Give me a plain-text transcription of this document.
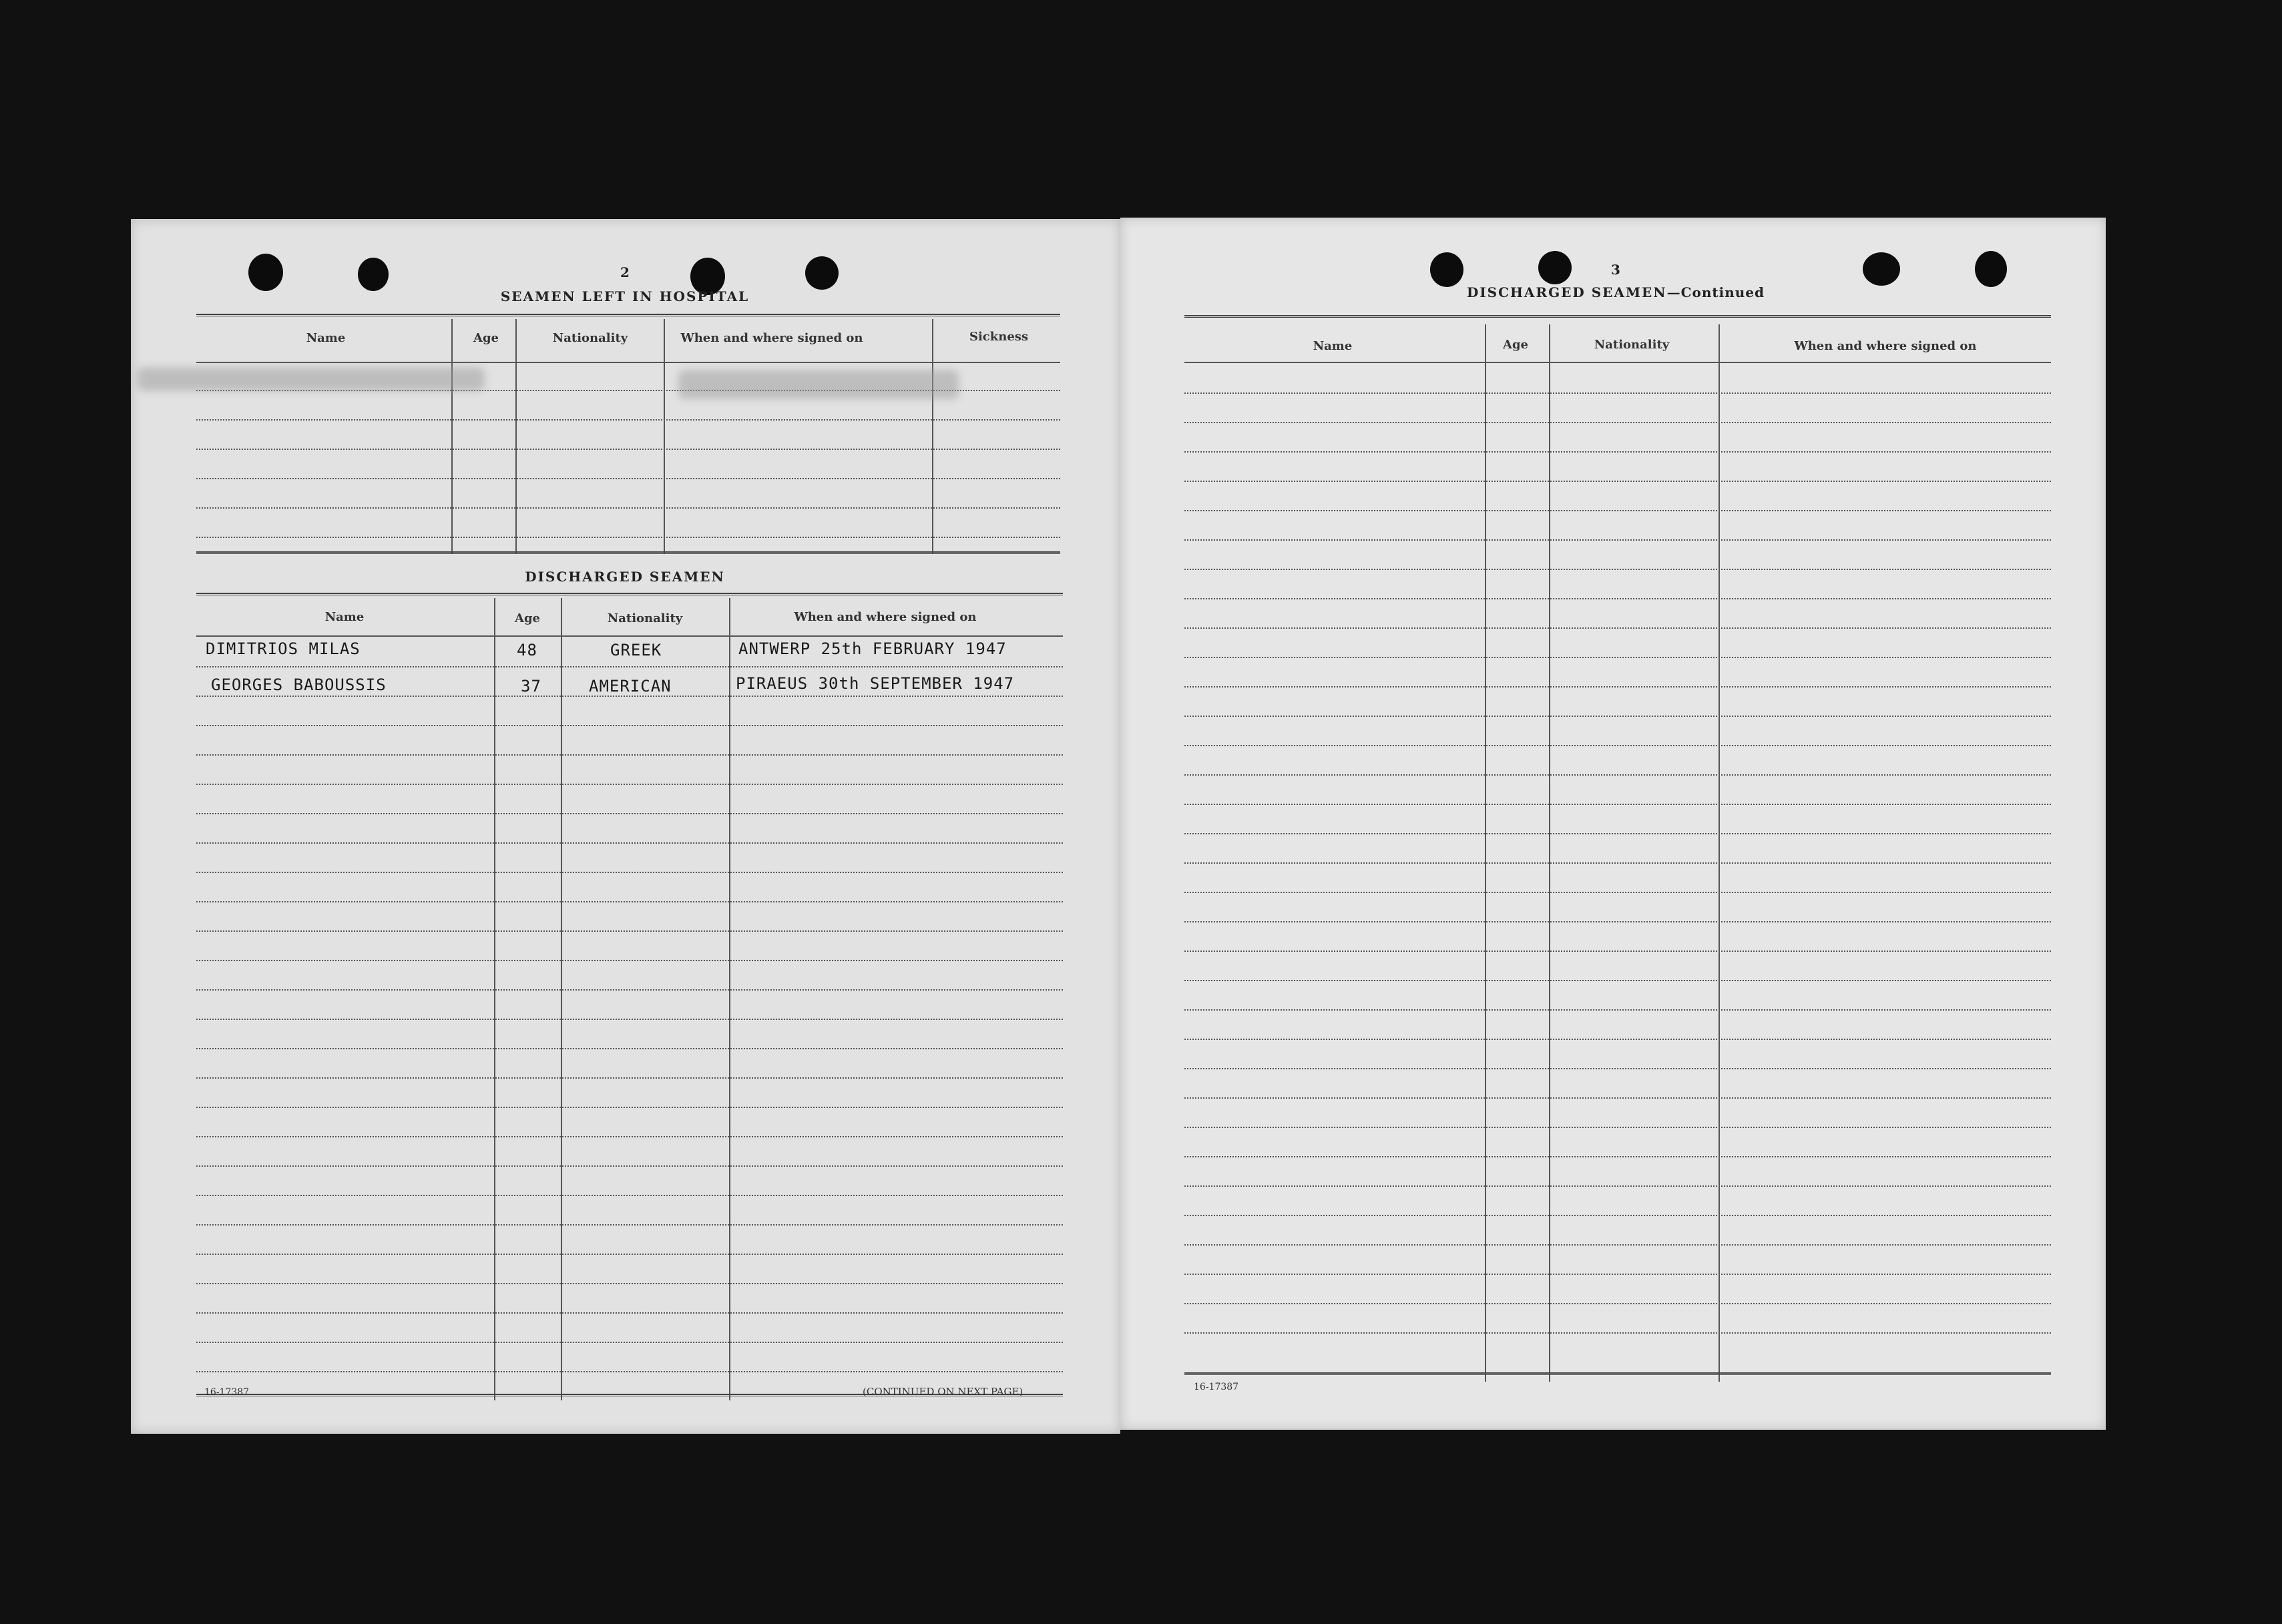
2
SEAMEN LEFT IN HOSPITAL
Name	Age	Nationality	When and where signed on	Sickness
DISCHARGED SEAMEN
Name	Age	Nationality	When and where signed on
DIMITRIOS MILAS	48	GREEK	ANTWERP 25th FEBRUARY 1947
GEORGES BABOUSSIS	37	AMERICAN	PIRAEUS 30th SEPTEMBER 1947
16-17387	(CONTINUED ON NEXT PAGE)
3
DISCHARGED SEAMEN—Continued
Name	Age	Nationality	When and where signed on
16-17387
